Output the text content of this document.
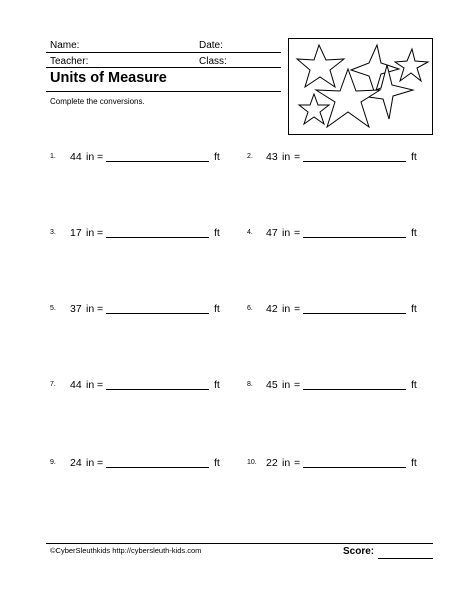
Name:	Date:
Teacher:	Class:
Units of Measure
Complete the conversions.
1. 44 in =	ft	2. 43 in =	ft
3. 17 in =	ft	4. 47 in =	ft
5. 37 in =	ft	6. 42 in =	ft
7. 44 in =	ft	8. 45 in =	ft
9. 24 in =	ft	10. 22 in =	ft
©CyberSleuthkids http://cybersleuth-kids.com	Score:
